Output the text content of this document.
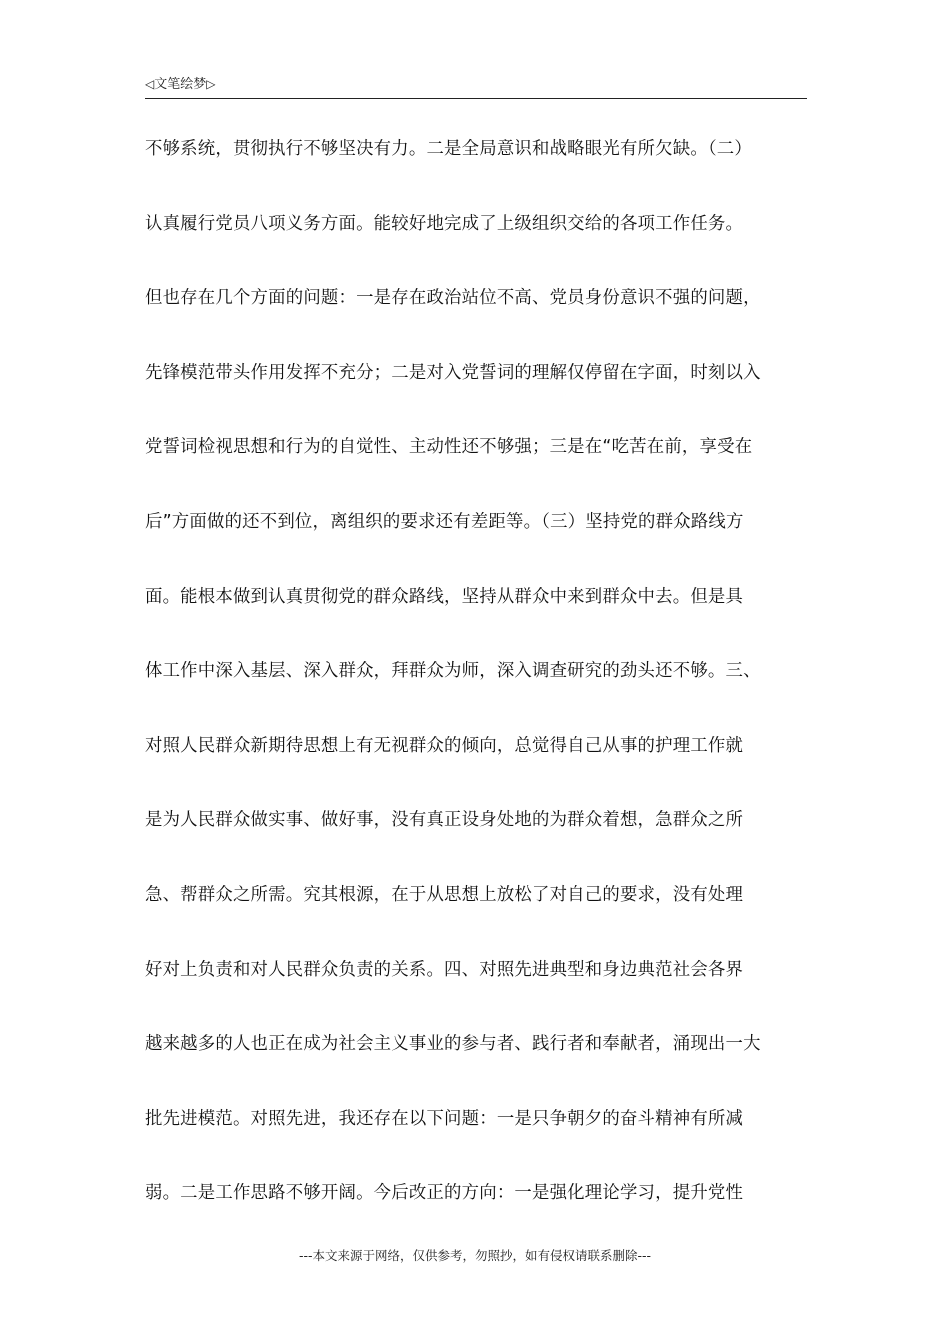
◁文笔绘梦▷
不够系统，贯彻执行不够坚决有力。二是全局意识和战略眼光有所欠缺。（二）
认真履行党员八项义务方面。能较好地完成了上级组织交给的各项工作任务。
但也存在几个方面的问题：一是存在政治站位不高、党员身份意识不强的问题，
先锋模范带头作用发挥不充分；二是对入党誓词的理解仅停留在字面，时刻以入
党誓词检视思想和行为的自觉性、主动性还不够强；三是在“吃苦在前，享受在
后”方面做的还不到位，离组织的要求还有差距等。（三）坚持党的群众路线方
面。能根本做到认真贯彻党的群众路线，坚持从群众中来到群众中去。但是具
体工作中深入基层、深入群众，拜群众为师，深入调查研究的劲头还不够。三、
对照人民群众新期待思想上有无视群众的倾向，总觉得自己从事的护理工作就
是为人民群众做实事、做好事，没有真正设身处地的为群众着想，急群众之所
急、帮群众之所需。究其根源，在于从思想上放松了对自己的要求，没有处理
好对上负责和对人民群众负责的关系。四、对照先进典型和身边典范社会各界
越来越多的人也正在成为社会主义事业的参与者、践行者和奉献者，涌现出一大
批先进模范。对照先进，我还存在以下问题：一是只争朝夕的奋斗精神有所减
弱。二是工作思路不够开阔。今后改正的方向：一是强化理论学习，提升党性
---本文来源于网络，仅供参考，勿照抄，如有侵权请联系删除---
